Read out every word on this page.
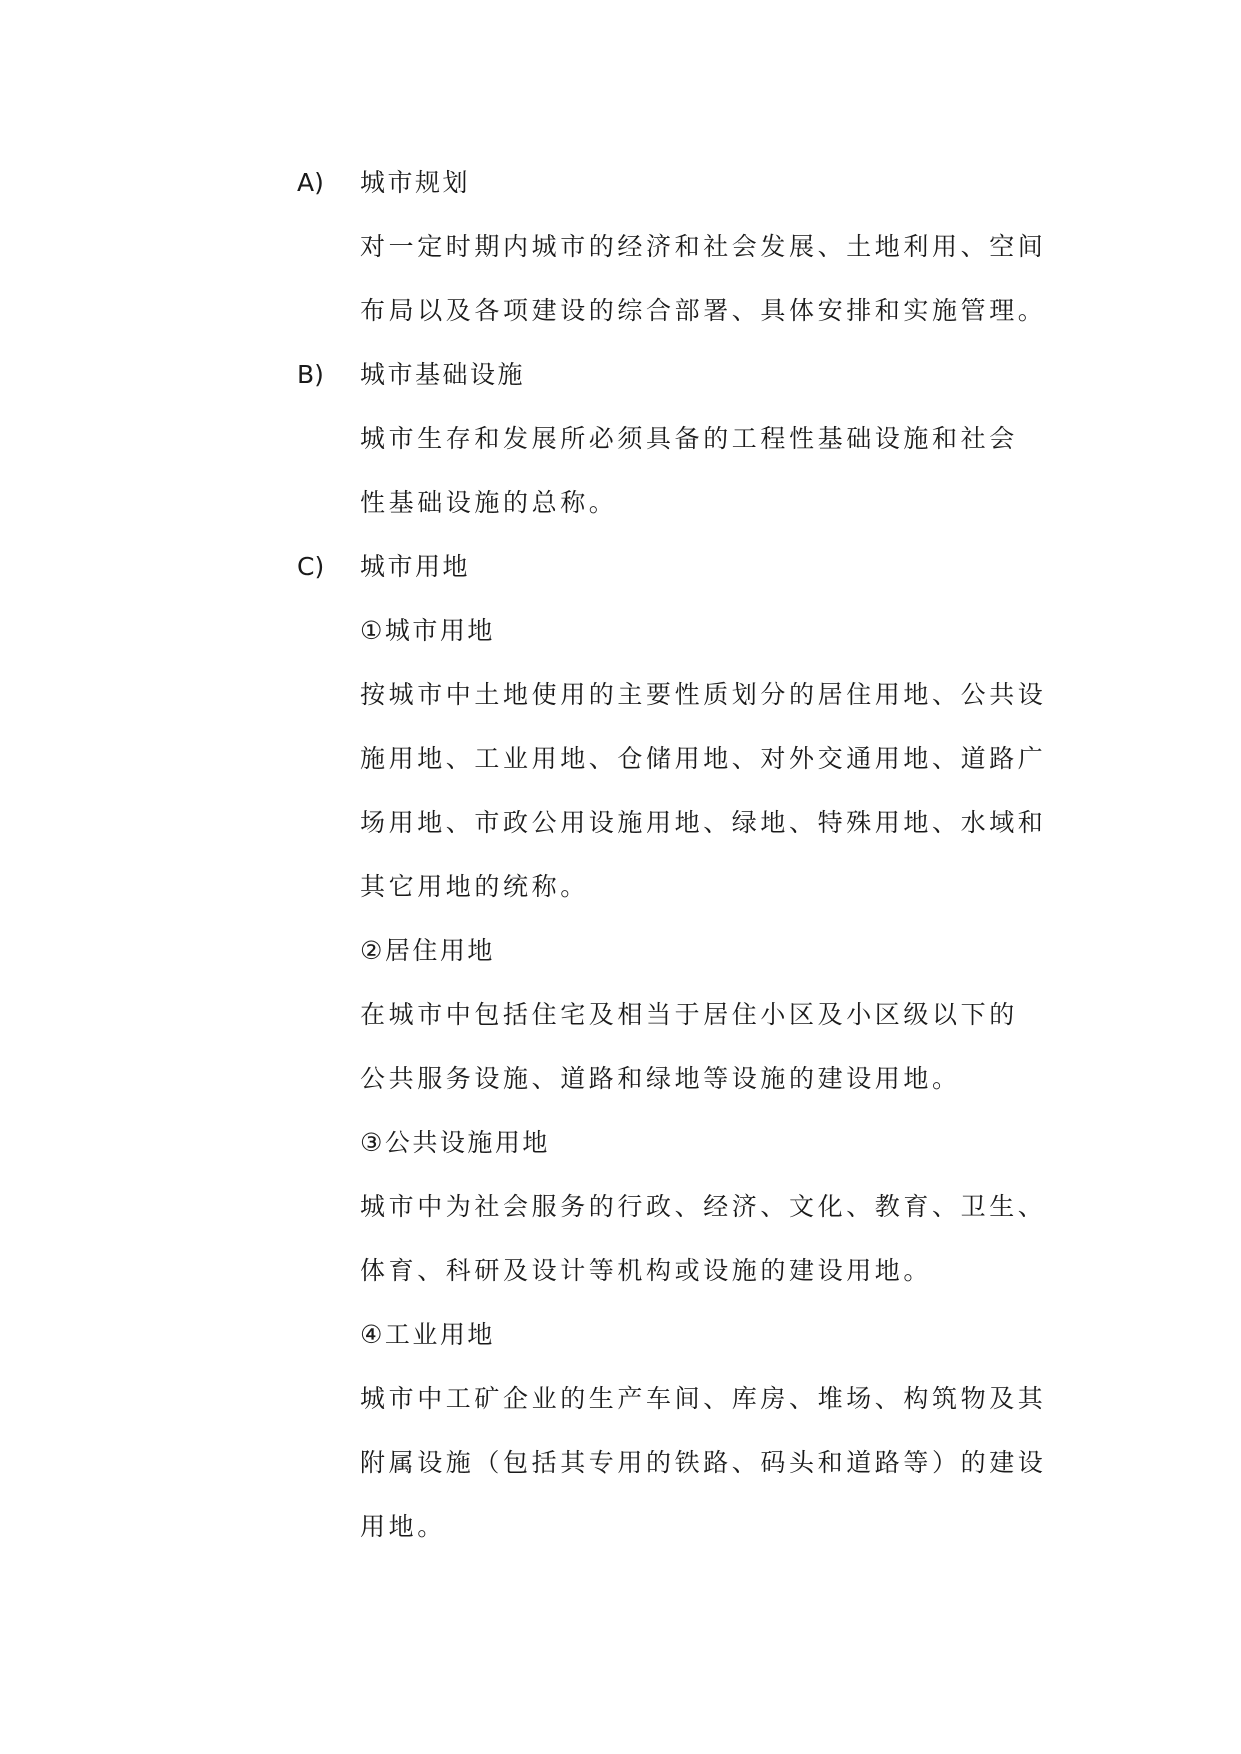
A) 城市规划
对一定时期内城市的经济和社会发展、土地利用、空间
布局以及各项建设的综合部署、具体安排和实施管理。
B) 城市基础设施
城市生存和发展所必须具备的工程性基础设施和社会
性基础设施的总称。
C) 城市用地
①城市用地
按城市中土地使用的主要性质划分的居住用地、公共设
施用地、工业用地、仓储用地、对外交通用地、道路广
场用地、市政公用设施用地、绿地、特殊用地、水域和
其它用地的统称。
②居住用地
在城市中包括住宅及相当于居住小区及小区级以下的
公共服务设施、道路和绿地等设施的建设用地。
③公共设施用地
城市中为社会服务的行政、经济、文化、教育、卫生、
体育、科研及设计等机构或设施的建设用地。
④工业用地
城市中工矿企业的生产车间、库房、堆场、构筑物及其
附属设施（包括其专用的铁路、码头和道路等）的建设
用地。
